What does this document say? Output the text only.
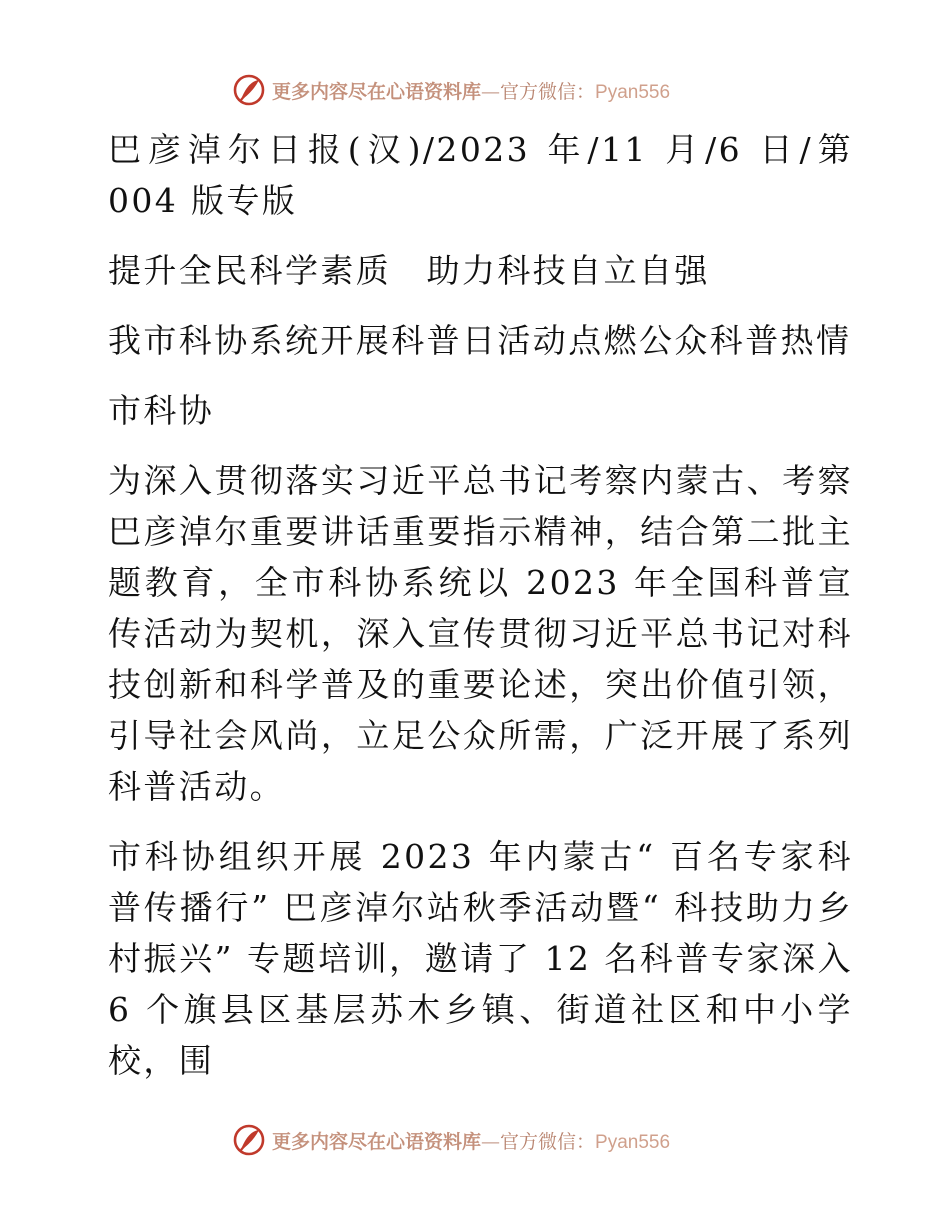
更多内容尽在心语资料库—官方微信：Pyan556

巴彦淖尔日报(汉)/2023 年/11 月/6 日/第 004 版专版

提升全民科学素质　助力科技自立自强

我市科协系统开展科普日活动点燃公众科普热情

市科协

为深入贯彻落实习近平总书记考察内蒙古、考察巴彦淖尔重要讲话重要指示精神，结合第二批主题教育，全市科协系统以 2023 年全国科普宣传活动为契机，深入宣传贯彻习近平总书记对科技创新和科学普及的重要论述，突出价值引领，引导社会风尚，立足公众所需，广泛开展了系列科普活动。

市科协组织开展 2023 年内蒙古“ 百名专家科普传播行” 巴彦淖尔站秋季活动暨“ 科技助力乡村振兴” 专题培训，邀请了 12 名科普专家深入 6 个旗县区基层苏木乡镇、街道社区和中小学校，围

更多内容尽在心语资料库—官方微信：Pyan556
